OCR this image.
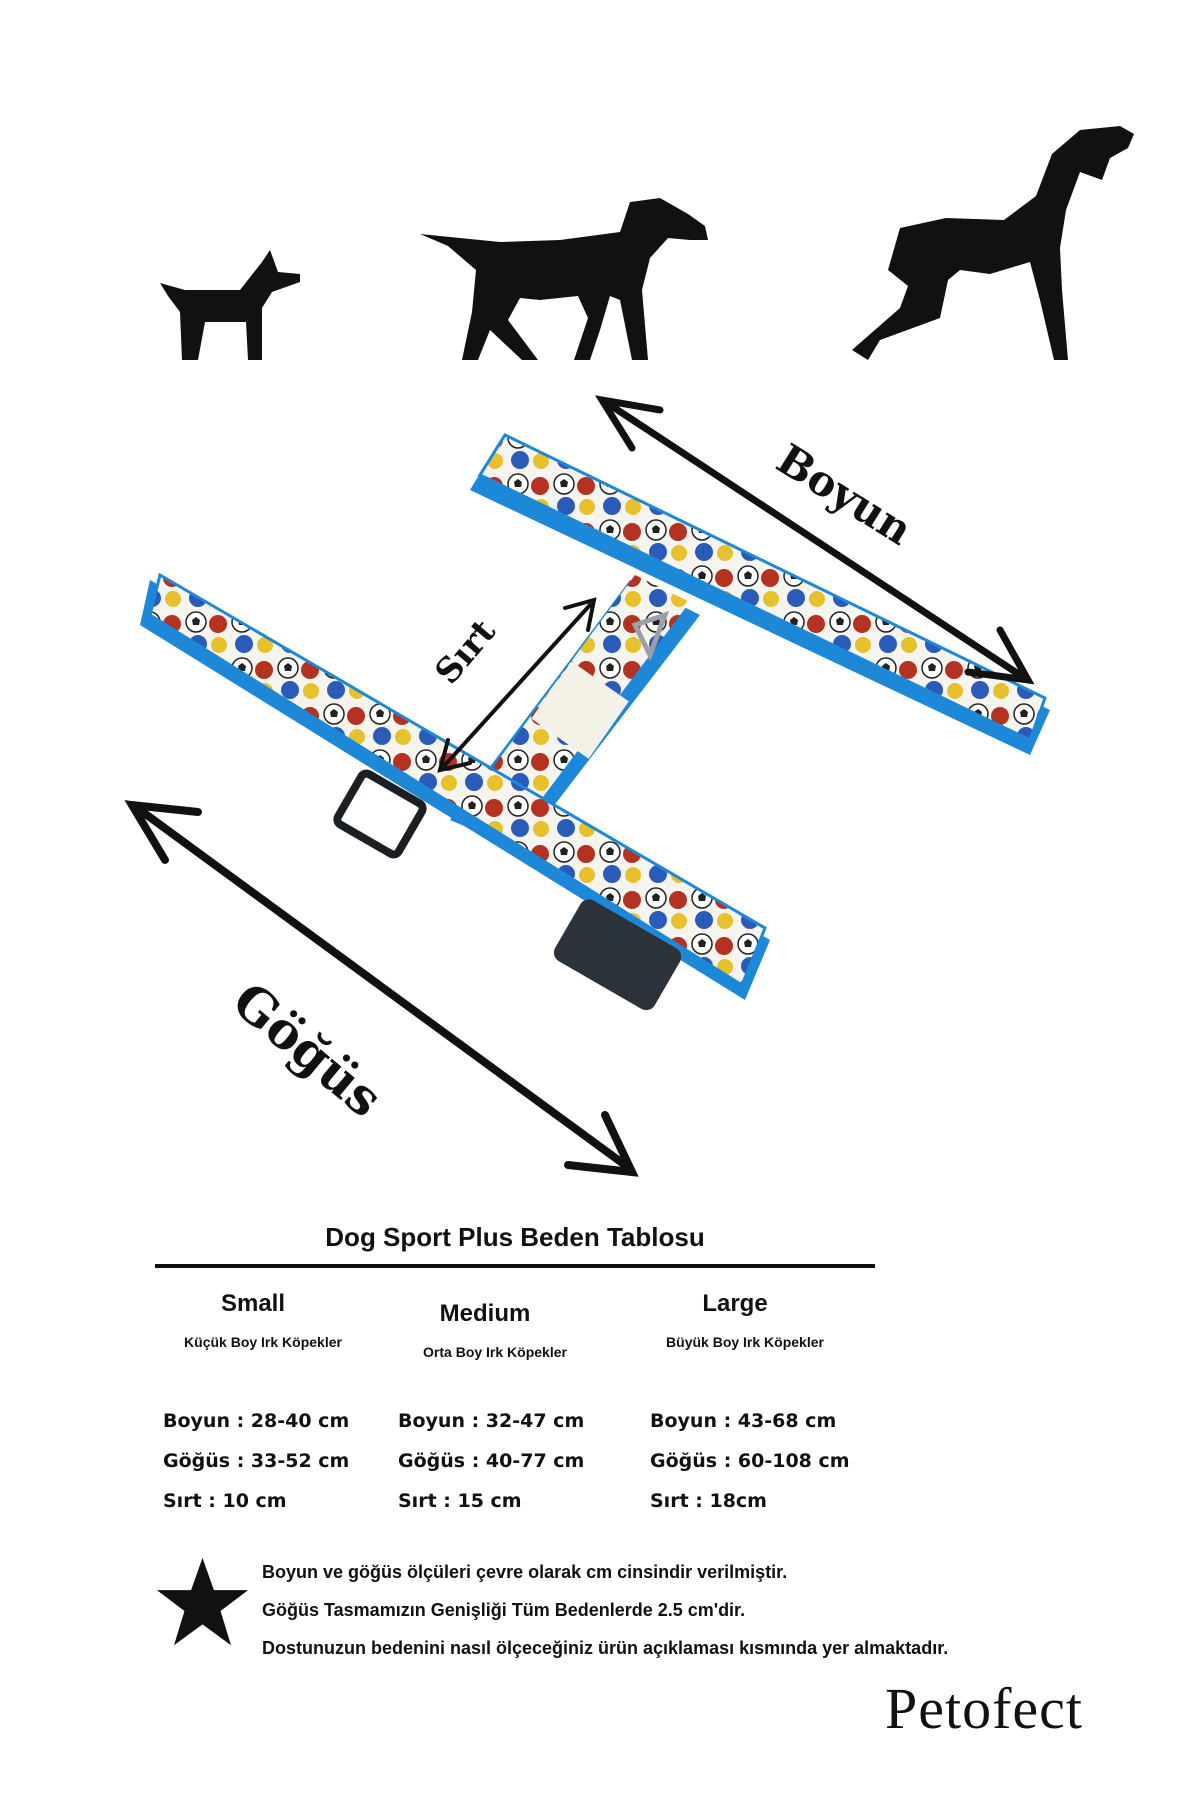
Boyun
Sırt
Göğüs
Dog Sport Plus Beden Tablosu
Small
Küçük Boy Irk Köpekler
Medium
Orta Boy Irk Köpekler
Large
Büyük Boy Irk Köpekler
Boyun : 28-40 cm
Göğüs : 33-52 cm
Sırt : 10 cm
Boyun : 32-47 cm
Göğüs : 40-77 cm
Sırt : 15 cm
Boyun : 43-68 cm
Göğüs : 60-108 cm
Sırt : 18cm
Boyun ve göğüs ölçüleri çevre olarak cm cinsindir verilmiştir.
Göğüs Tasmamızın Genişliği Tüm Bedenlerde 2.5 cm'dir.
Dostunuzun bedenini nasıl ölçeceğiniz ürün açıklaması kısmında yer almaktadır.
Petofect
